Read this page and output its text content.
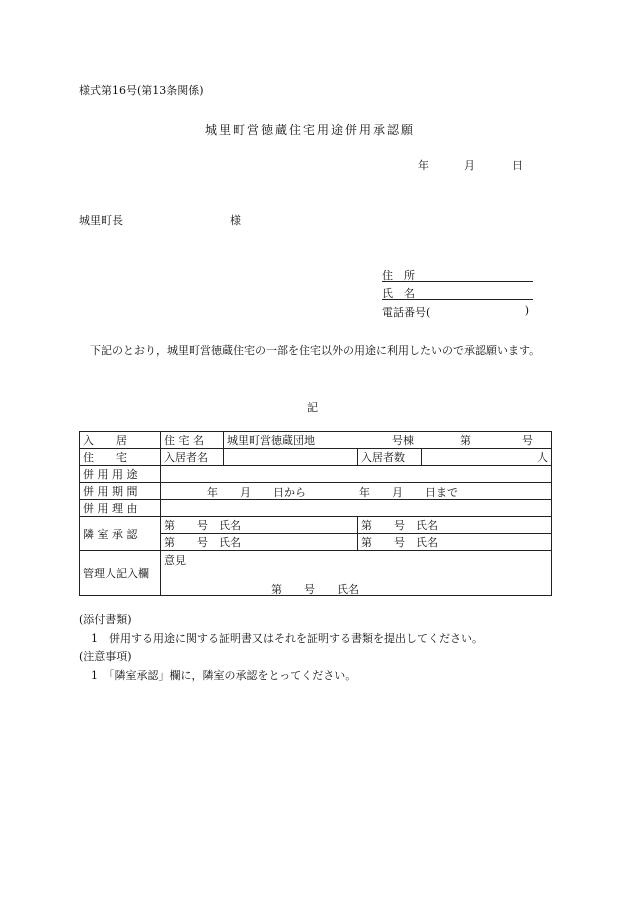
様式第16号(第13条関係)
城里町営徳蔵住宅用途併用承認願
年	月	日
城里町長	様
住　所
氏　名
電話番号(	)
下記のとおり，城里町営徳蔵住宅の一部を住宅以外の用途に利用したいので承認願います。
記
入　　居	住 宅 名	城里町営徳蔵団地 号棟 第 号		

住　　宅	入居者名		入居者数	人
併 用 用 途				
併 用 期 間	年　　月　　日から 年　　月　　日まで			

併 用 理 由				
隣 室 承 認	第　　号　氏名		第　　号　氏名	
	第　　号　氏名		第　　号　氏名	
管理人記入欄	意見
第　　号　　氏名			
(添付書類)
1　併用する用途に関する証明書又はそれを証明する書類を提出してください。
(注意事項)
1　「隣室承認」欄に，隣室の承認をとってください。
